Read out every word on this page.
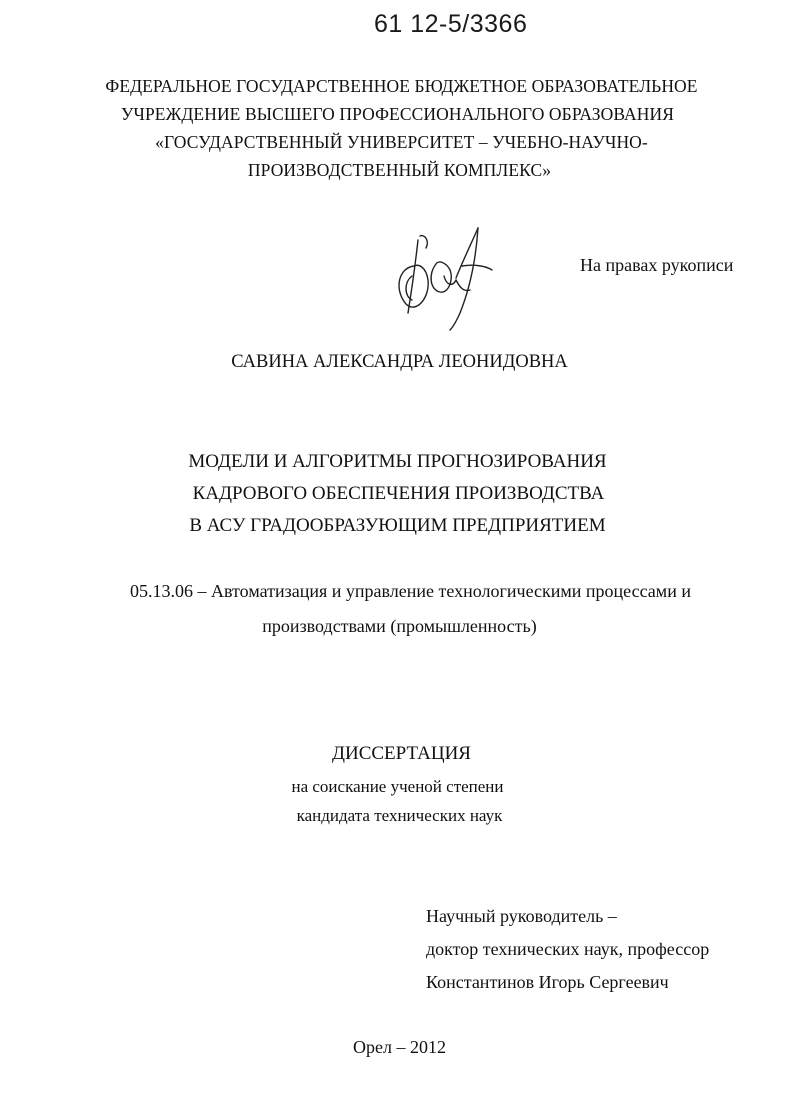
61 12-5/3366
ФЕДЕРАЛЬНОЕ ГОСУДАРСТВЕННОЕ БЮДЖЕТНОЕ ОБРАЗОВАТЕЛЬНОЕ
УЧРЕЖДЕНИЕ ВЫСШЕГО ПРОФЕССИОНАЛЬНОГО ОБРАЗОВАНИЯ
«ГОСУДАРСТВЕННЫЙ УНИВЕРСИТЕТ – УЧЕБНО-НАУЧНО-
ПРОИЗВОДСТВЕННЫЙ КОМПЛЕКС»
На правах рукописи
САВИНА АЛЕКСАНДРА ЛЕОНИДОВНА
МОДЕЛИ И АЛГОРИТМЫ ПРОГНОЗИРОВАНИЯ
КАДРОВОГО ОБЕСПЕЧЕНИЯ ПРОИЗВОДСТВА
В АСУ ГРАДООБРАЗУЮЩИМ ПРЕДПРИЯТИЕМ
05.13.06 – Автоматизация и управление технологическими процессами и
производствами (промышленность)
ДИССЕРТАЦИЯ
на соискание ученой степени
кандидата технических наук
Научный руководитель –
доктор технических наук, профессор
Константинов Игорь Сергеевич
Орел – 2012
